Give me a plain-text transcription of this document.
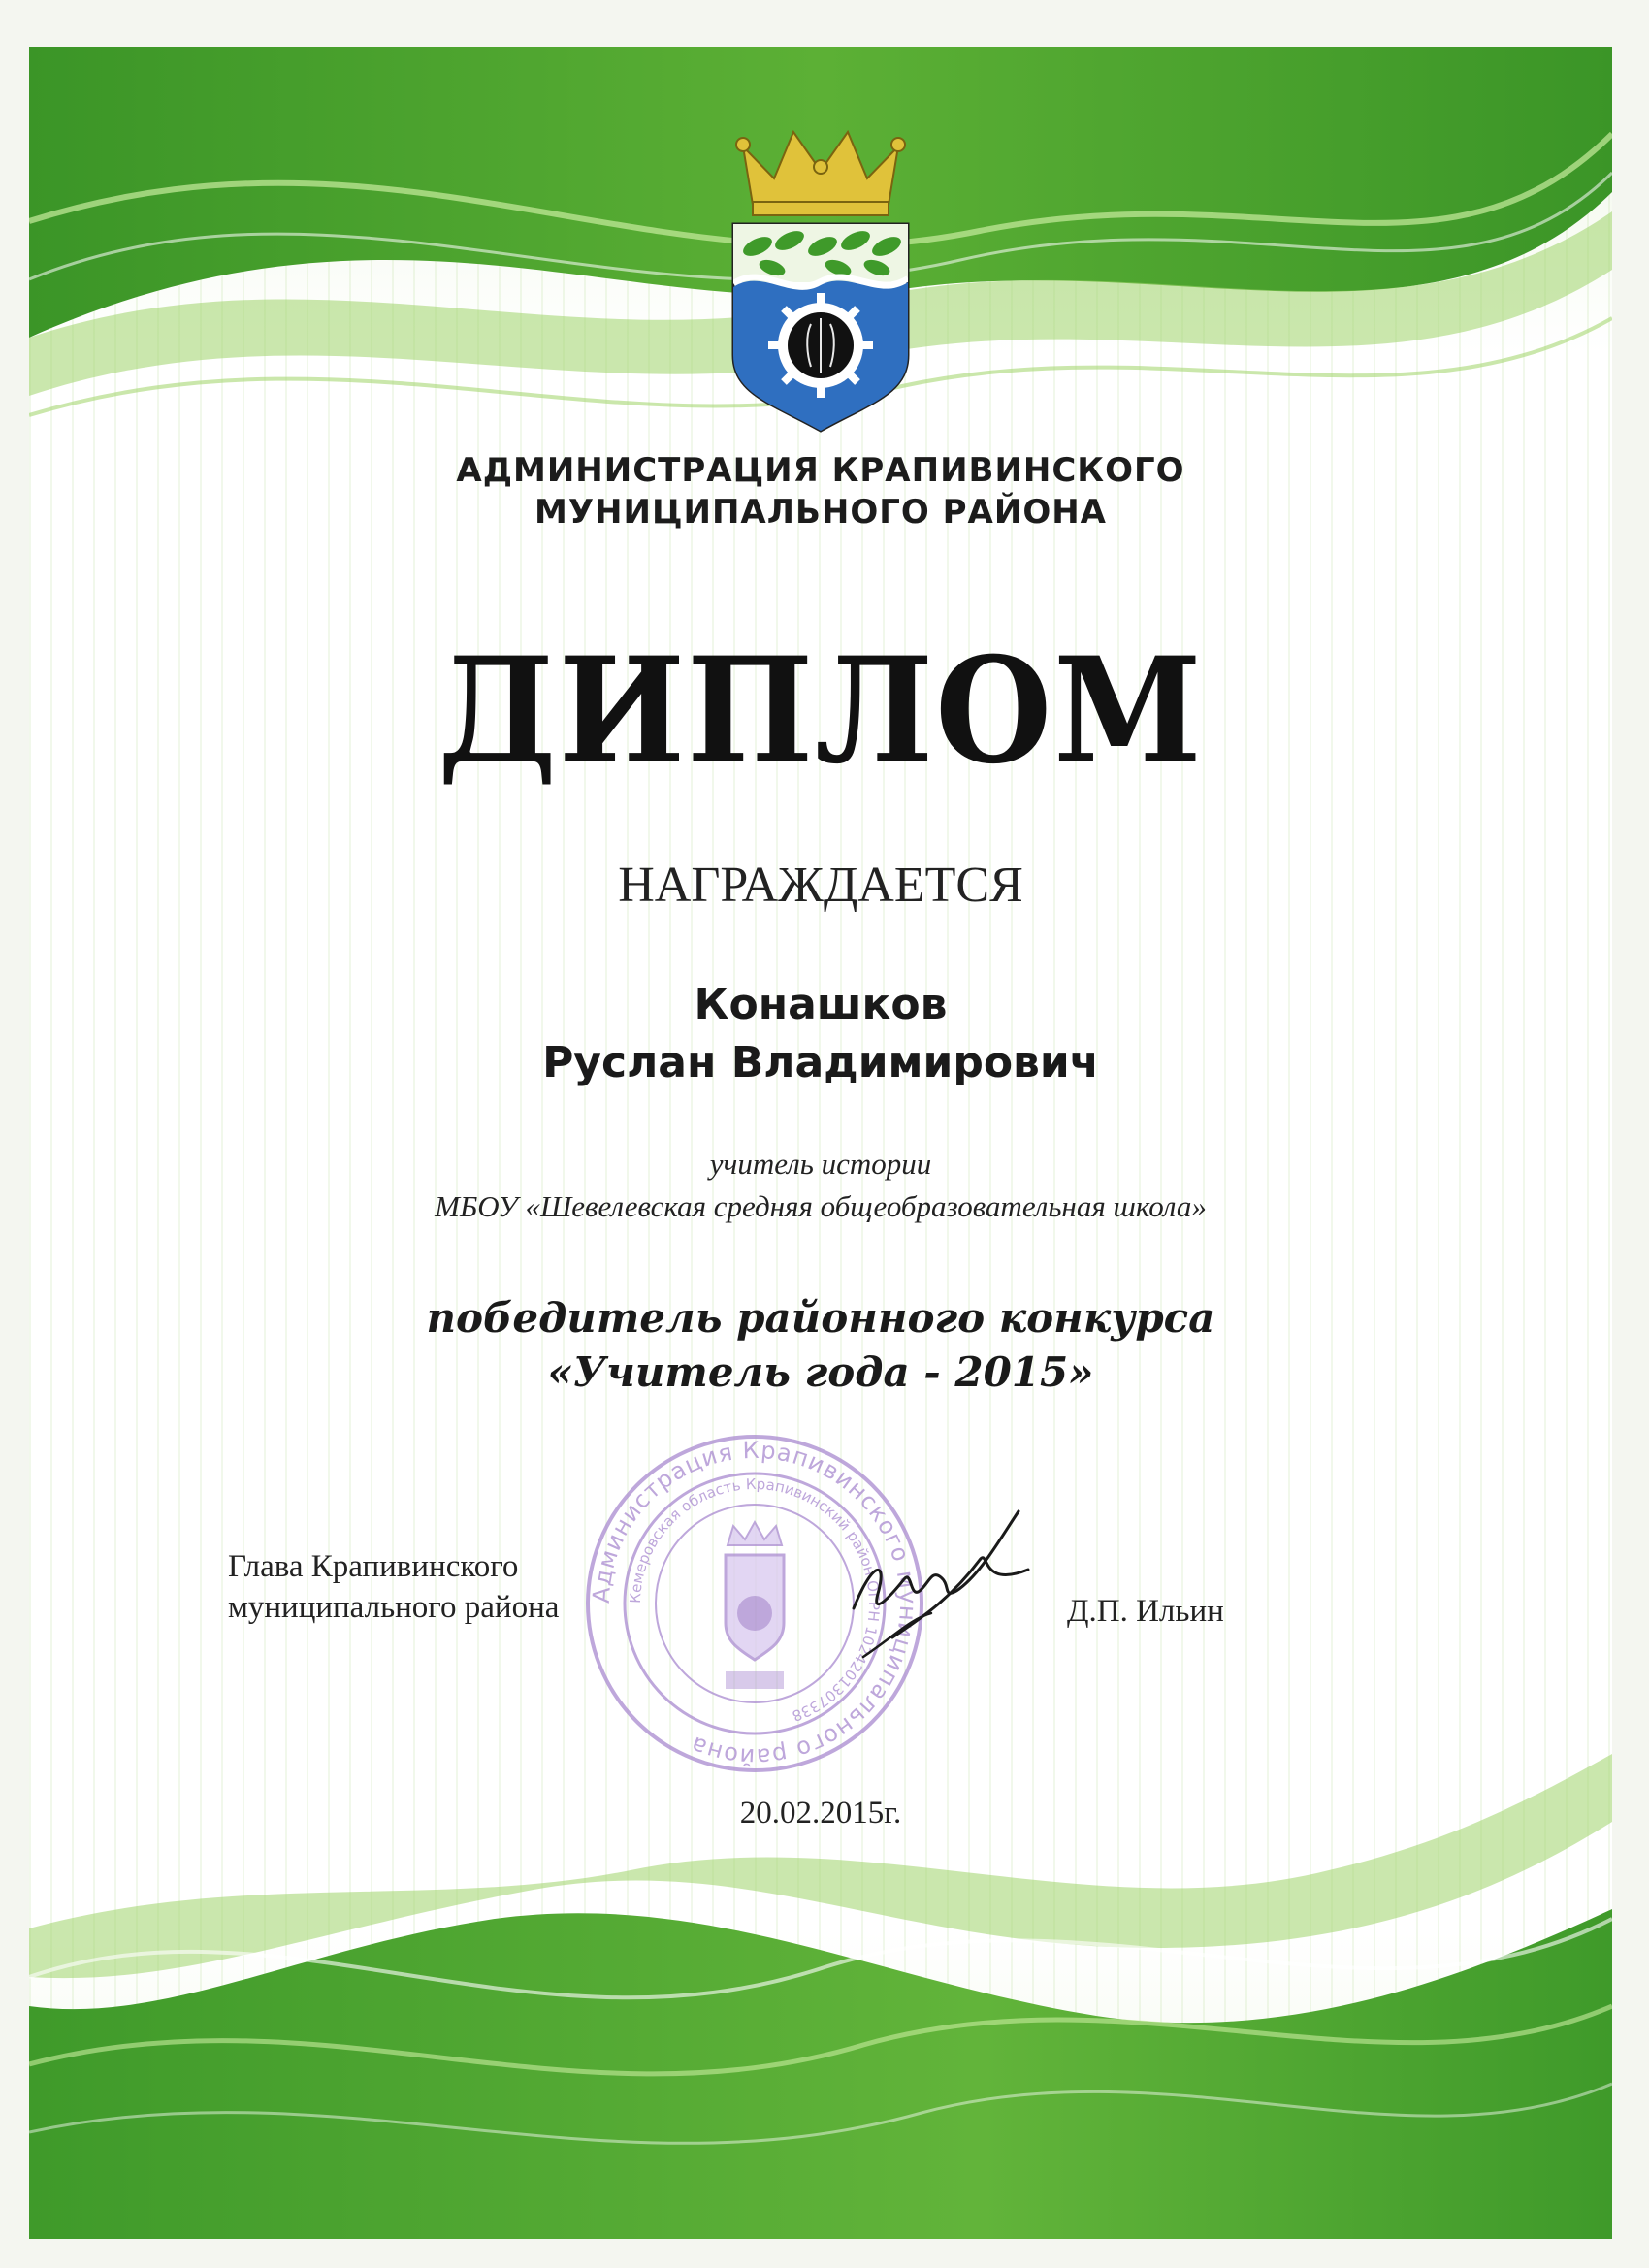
АДМИНИСТРАЦИЯ КРАПИВИНСКОГО
МУНИЦИПАЛЬНОГО РАЙОНА
ДИПЛОМ
НАГРАЖДАЕТСЯ
Конашков
Руслан Владимирович
учитель истории
МБОУ «Шевелевская средняя общеобразовательная школа»
победитель районного конкурса
«Учитель года - 2015»
Администрация Крапивинского муниципального района
Кемеровская область Крапивинский район ОГРН 1024201307338
Глава Крапивинского
муниципального района	Д.П. Ильин
20.02.2015г.
